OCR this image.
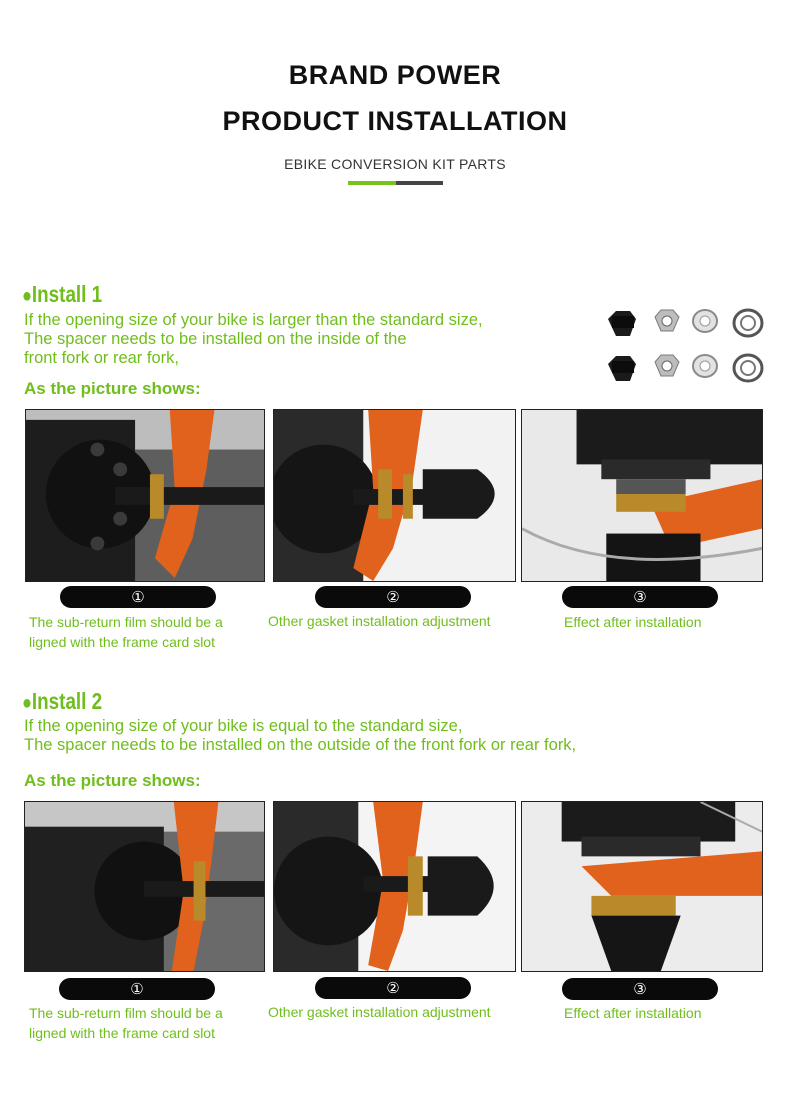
BRAND POWER
PRODUCT INSTALLATION
EBIKE CONVERSION KIT PARTS
●Install 1
If the opening size of your bike is larger than the standard size,
The spacer needs to be installed on the inside of the
front fork or rear fork,
As the picture shows:
①	②	③
The sub-return film should be a
ligned with the frame card slot
Other gasket installation adjustment	Effect after installation
●Install 2
If the opening size of your bike is equal to the standard size,
The spacer needs to be installed on the outside of the front fork or rear fork,
As the picture shows:
①	②	③
The sub-return film should be a
ligned with the frame card slot
Other gasket installation adjustment	Effect after installation
